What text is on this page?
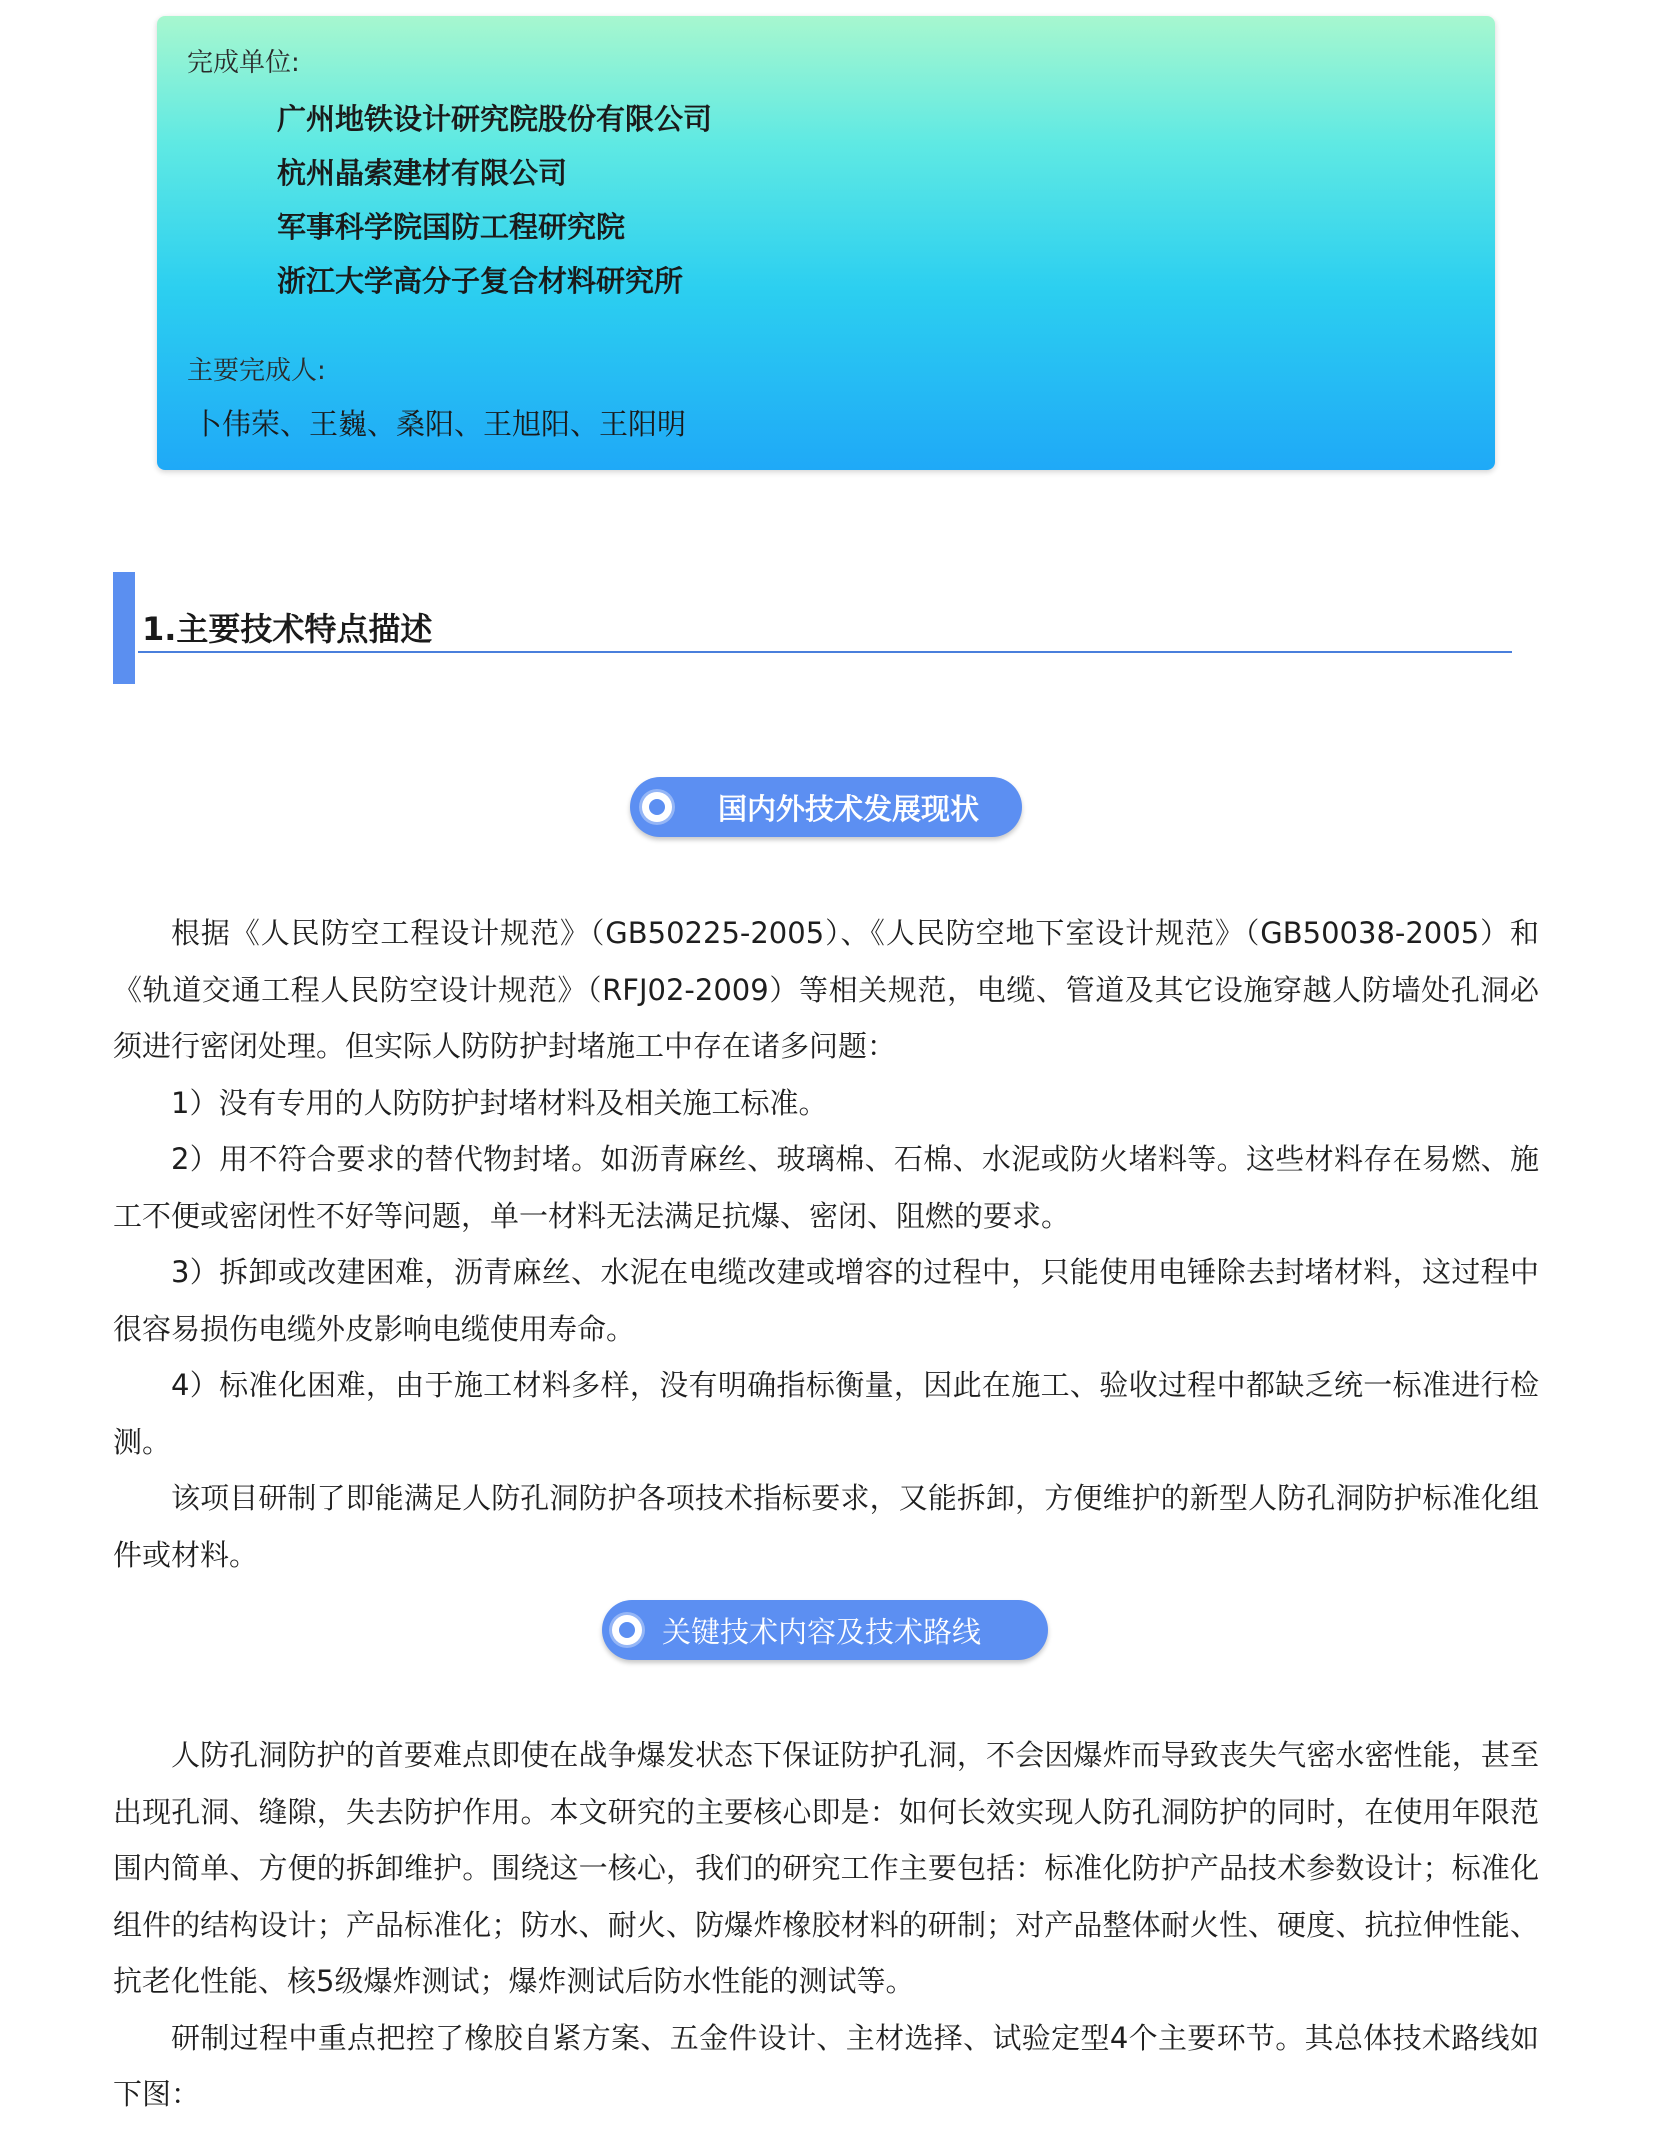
完成单位:
广州地铁设计研究院股份有限公司
杭州晶索建材有限公司
军事科学院国防工程研究院
浙江大学高分子复合材料研究所
主要完成人:
卜伟荣、王巍、桑阳、王旭阳、王阳明
1.主要技术特点描述
国内外技术发展现状

根据《人民防空工程设计规范》（GB50225-2005）、《人民防空地下室设计规范》（GB50038-2005）和《轨道交通工程人民防空设计规范》（RFJ02-2009）等相关规范，电缆、管道及其它设施穿越人防墙处孔洞必须进行密闭处理。但实际人防防护封堵施工中存在诸多问题：

1）没有专用的人防防护封堵材料及相关施工标准。

2）用不符合要求的替代物封堵。如沥青麻丝、玻璃棉、石棉、水泥或防火堵料等。这些材料存在易燃、施工不便或密闭性不好等问题，单一材料无法满足抗爆、密闭、阻燃的要求。

3）拆卸或改建困难，沥青麻丝、水泥在电缆改建或增容的过程中，只能使用电锤除去封堵材料，这过程中很容易损伤电缆外皮影响电缆使用寿命。

4）标准化困难，由于施工材料多样，没有明确指标衡量，因此在施工、验收过程中都缺乏统一标准进行检测。

该项目研制了即能满足人防孔洞防护各项技术指标要求，又能拆卸，方便维护的新型人防孔洞防护标准化组件或材料。

关键技术内容及技术路线

人防孔洞防护的首要难点即使在战争爆发状态下保证防护孔洞，不会因爆炸而导致丧失气密水密性能，甚至出现孔洞、缝隙，失去防护作用。本文研究的主要核心即是：如何长效实现人防孔洞防护的同时，在使用年限范围内简单、方便的拆卸维护。围绕这一核心，我们的研究工作主要包括：标准化防护产品技术参数设计；标准化组件的结构设计；产品标准化；防水、耐火、防爆炸橡胶材料的研制；对产品整体耐火性、硬度、抗拉伸性能、抗老化性能、核5级爆炸测试；爆炸测试后防水性能的测试等。

研制过程中重点把控了橡胶自紧方案、五金件设计、主材选择、试验定型4个主要环节。其总体技术路线如下图：
